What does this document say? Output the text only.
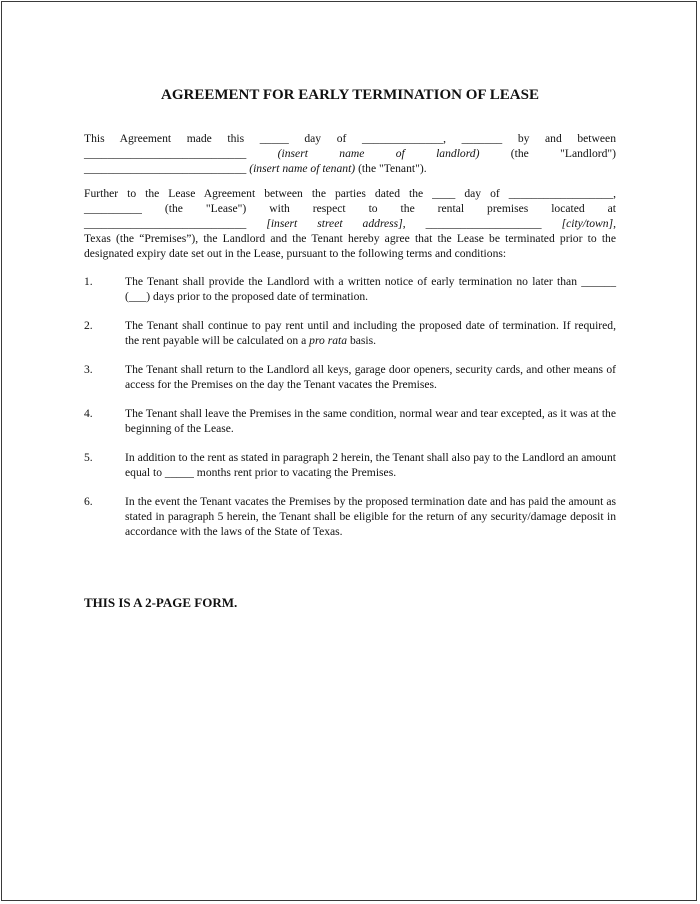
AGREEMENT FOR EARLY TERMINATION OF LEASE
This Agreement made this _____ day of ______________, _______ by and between
____________________________	(insert name of landlord)	(the "Landlord")
____________________________ (insert name of tenant) (the "Tenant").
Further to the Lease Agreement between the parties dated the ____ day of __________________,
__________ (the "Lease") with respect to the rental premises located at
____________________________ [insert street address], ____________________ [city/town],
Texas (the “Premises”), the Landlord and the Tenant hereby agree that the Lease be terminated prior to the designated expiry date set out in the Lease, pursuant to the following terms and conditions:
1.	The Tenant shall provide the Landlord with a written notice of early termination no later than ______ (___) days prior to the proposed date of termination.
2.	The Tenant shall continue to pay rent until and including the proposed date of termination. If required, the rent payable will be calculated on a pro rata basis.
3.	The Tenant shall return to the Landlord all keys, garage door openers, security cards, and other means of access for the Premises on the day the Tenant vacates the Premises.
4.	The Tenant shall leave the Premises in the same condition, normal wear and tear excepted, as it was at the beginning of the Lease.
5.	In addition to the rent as stated in paragraph 2 herein, the Tenant shall also pay to the Landlord an amount equal to _____ months rent prior to vacating the Premises.
6.	In the event the Tenant vacates the Premises by the proposed termination date and has paid the amount as stated in paragraph 5 herein, the Tenant shall be eligible for the return of any security/damage deposit in accordance with the laws of the State of Texas.
THIS IS A 2-PAGE FORM.
